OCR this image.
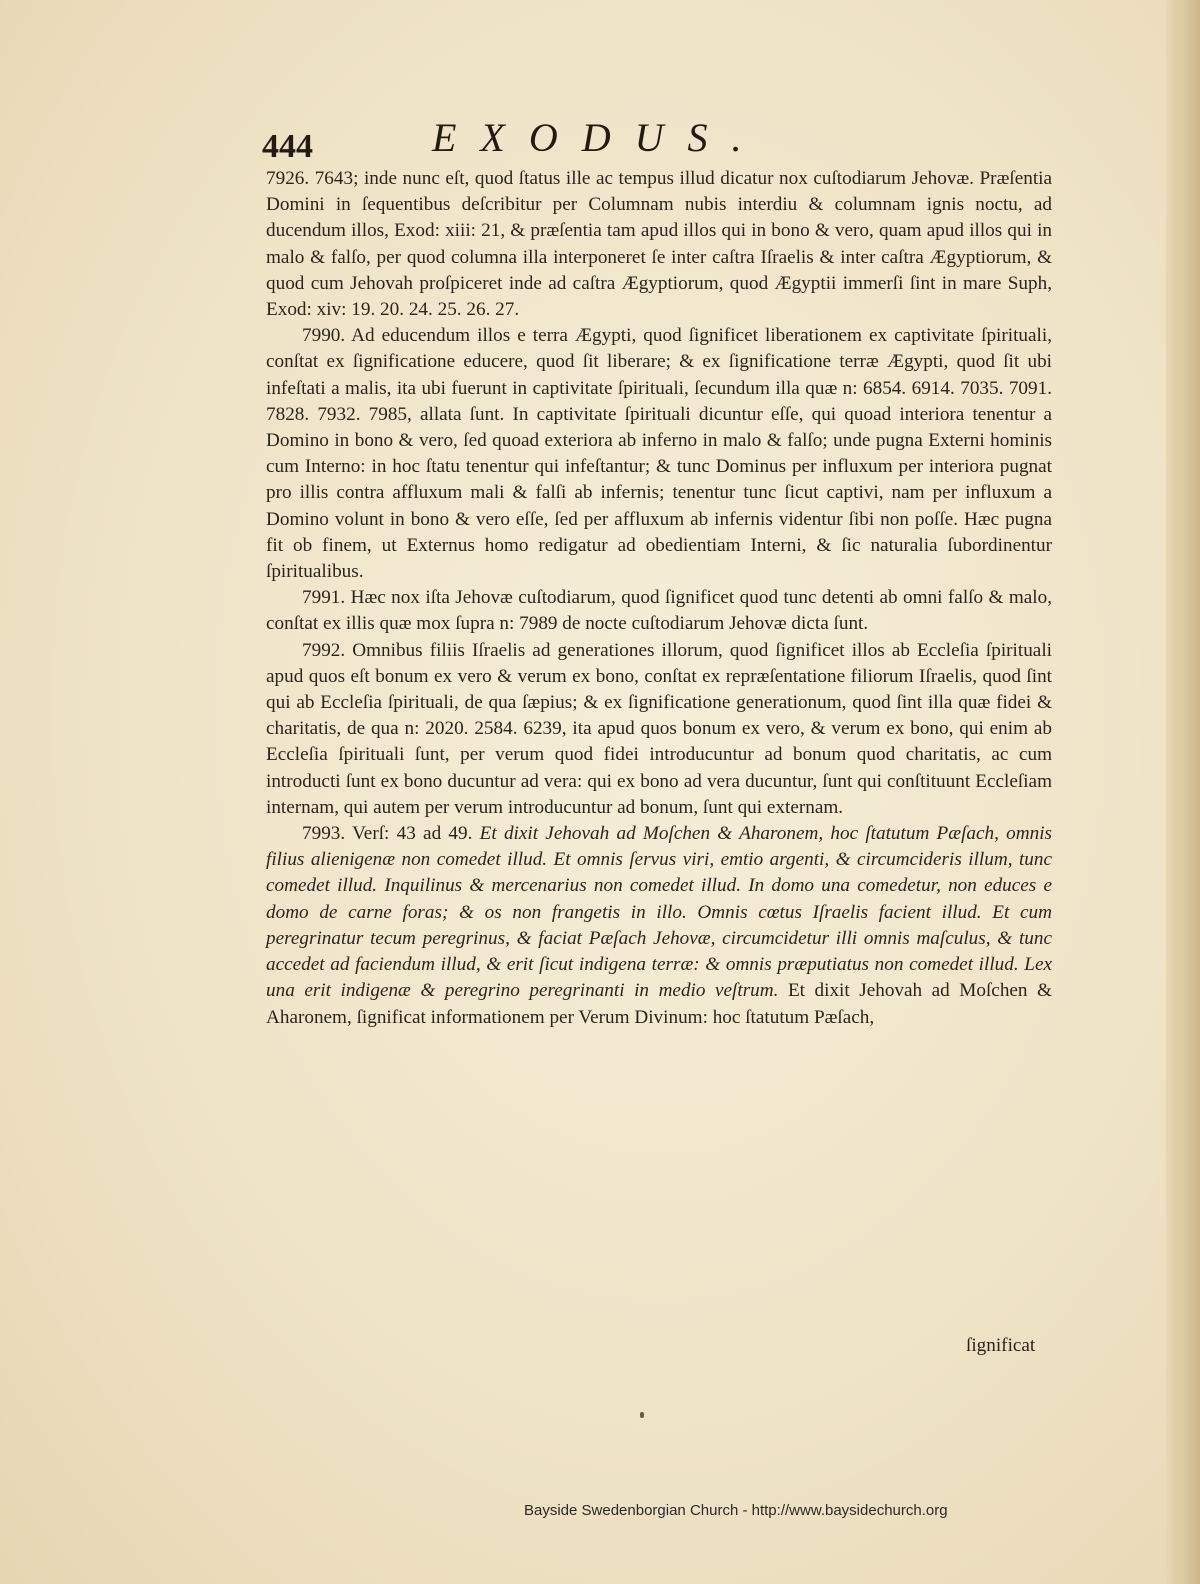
444	EXODUS.

7926. 7643; inde nunc eſt, quod ſtatus ille ac tempus illud dicatur nox cuſtodiarum Jehovæ. Præſentia Domini in ſequentibus deſcribitur per Columnam nubis interdiu & columnam ignis noctu, ad ducendum illos, Exod: xiii: 21, & præſentia tam apud illos qui in bono & vero, quam apud illos qui in malo & falſo, per quod columna illa interponeret ſe inter caſtra Iſraelis & inter caſtra Ægyptiorum, & quod cum Jehovah proſpiceret inde ad caſtra Ægyptiorum, quod Ægyptii immerſi ſint in mare Suph, Exod: xiv: 19. 20. 24. 25. 26. 27.

7990. Ad educendum illos e terra Ægypti, quod ſignificet liberationem ex captivitate ſpirituali, conſtat ex ſignificatione educere, quod ſit liberare; & ex ſignificatione terræ Ægypti, quod ſit ubi infeſtati a malis, ita ubi fuerunt in captivitate ſpirituali, ſecundum illa quæ n: 6854. 6914. 7035. 7091. 7828. 7932. 7985, allata ſunt. In captivitate ſpirituali dicuntur eſſe, qui quoad interiora tenentur a Domino in bono & vero, ſed quoad exteriora ab inferno in malo & falſo; unde pugna Externi hominis cum Interno: in hoc ſtatu tenentur qui infeſtantur; & tunc Dominus per influxum per interiora pugnat pro illis contra affluxum mali & falſi ab infernis; tenentur tunc ſicut captivi, nam per influxum a Domino volunt in bono & vero eſſe, ſed per affluxum ab infernis videntur ſibi non poſſe. Hæc pugna fit ob finem, ut Externus homo redigatur ad obedientiam Interni, & ſic naturalia ſubordinentur ſpiritualibus.

7991. Hæc nox iſta Jehovæ cuſtodiarum, quod ſignificet quod tunc detenti ab omni falſo & malo, conſtat ex illis quæ mox ſupra n: 7989 de nocte cuſtodiarum Jehovæ dicta ſunt.

7992. Omnibus filiis Iſraelis ad generationes illorum, quod ſignificet illos ab Eccleſia ſpirituali apud quos eſt bonum ex vero & verum ex bono, conſtat ex repræſentatione filiorum Iſraelis, quod ſint qui ab Eccleſia ſpirituali, de qua ſæpius; & ex ſignificatione generationum, quod ſint illa quæ fidei & charitatis, de qua n: 2020. 2584. 6239, ita apud quos bonum ex vero, & verum ex bono, qui enim ab Eccleſia ſpirituali ſunt, per verum quod fidei introducuntur ad bonum quod charitatis, ac cum introducti ſunt ex bono ducuntur ad vera: qui ex bono ad vera ducuntur, ſunt qui conſtituunt Eccleſiam internam, qui autem per verum introducuntur ad bonum, ſunt qui externam.

7993. Verſ: 43 ad 49. Et dixit Jehovah ad Moſchen & Aharonem, hoc ſtatutum Pæſach, omnis filius alienigenæ non comedet illud. Et omnis ſervus viri, emtio argenti, & circumcideris illum, tunc comedet illud. Inquilinus & mercenarius non comedet illud. In domo una comedetur, non educes e domo de carne foras; & os non frangetis in illo. Omnis cœtus Iſraelis facient illud. Et cum peregrinatur tecum peregrinus, & faciat Pæſach Jehovæ, circumcidetur illi omnis maſculus, & tunc accedet ad faciendum illud, & erit ſicut indigena terræ: & omnis præputiatus non comedet illud. Lex una erit indigenæ & peregrino peregrinanti in medio veſtrum. Et dixit Jehovah ad Moſchen & Aharonem, ſignificat informationem per Verum Divinum: hoc ſtatutum Pæſach,

ſignificat
Bayside Swedenborgian Church - http://www.baysidechurch.org
